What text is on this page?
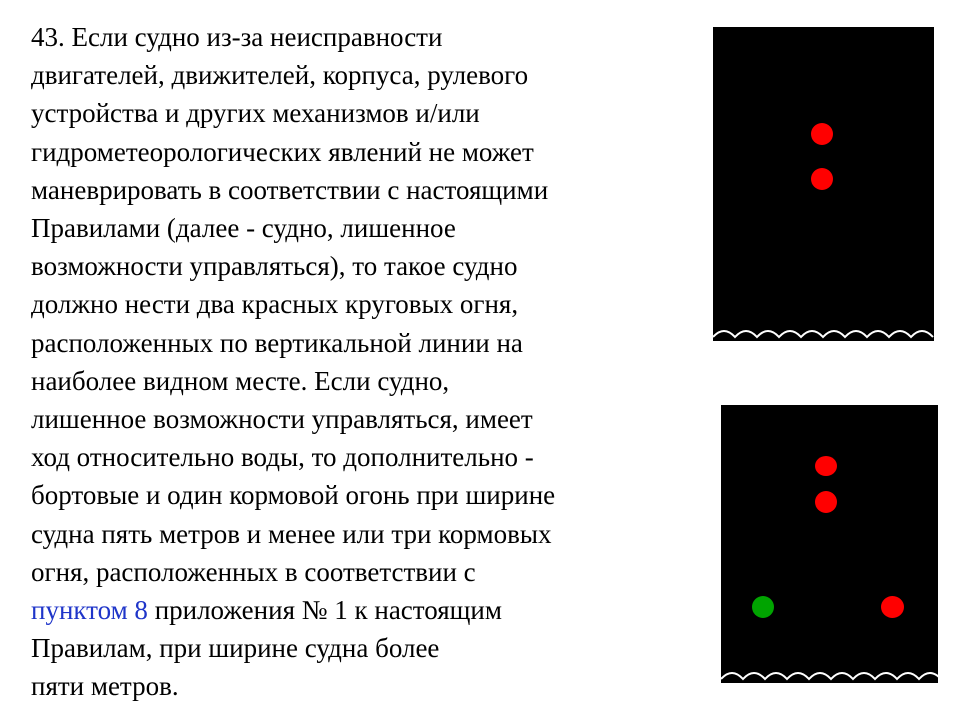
43. Если судно из-за неисправности
двигателей, движителей, корпуса, рулевого
устройства и других механизмов и/или
гидрометеорологических явлений не может
маневрировать в соответствии с настоящими
Правилами (далее - судно, лишенное
возможности управляться), то такое судно
должно нести два красных круговых огня,
расположенных по вертикальной линии на
наиболее видном месте. Если судно,
лишенное возможности управляться, имеет
ход относительно воды, то дополнительно -
бортовые и один кормовой огонь при ширине
судна пять метров и менее или три кормовых
огня, расположенных в соответствии с
пунктом 8 приложения № 1 к настоящим
Правилам, при ширине судна более
пяти метров.
